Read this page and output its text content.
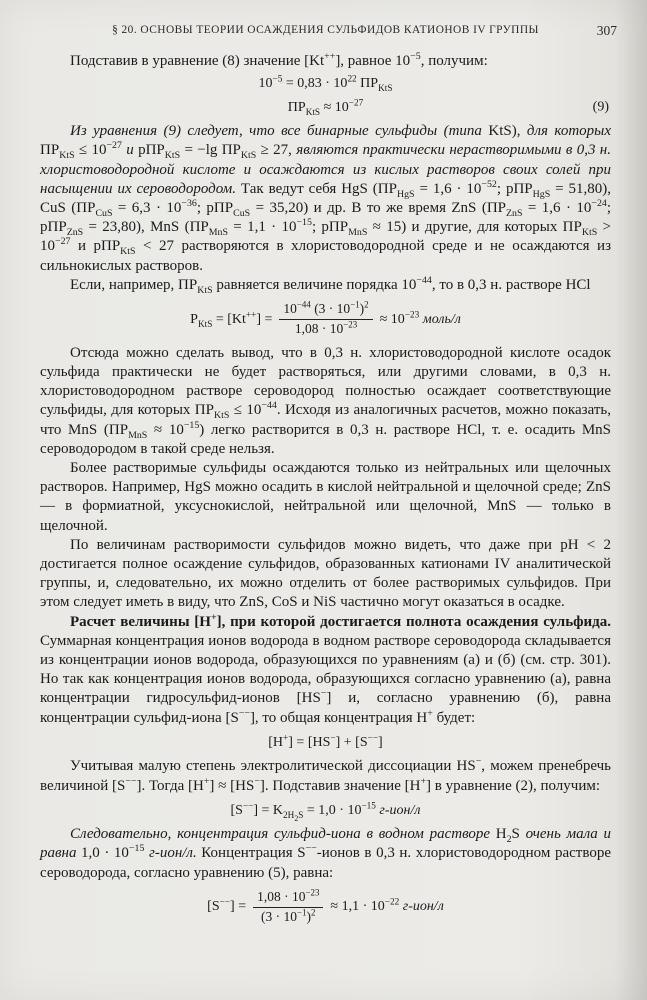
§ 20. ОСНОВЫ ТЕОРИИ ОСАЖДЕНИЯ СУЛЬФИДОВ КАТИОНОВ IV ГРУППЫ	307

Подставив в уравнение (8) значение [Kt++], равное $10^{-5}$, получим:

$10^{-5} = 0,83 \cdot 10^{22}$ $ПР_{KtS}$
$ПР_{KtS} \approx 10^{-27}$	(9)

Из уравнения (9) следует, что все бинарные сульфиды (типа KtS), для которых $ПР_{KtS} \le 10^{-27}$ и рПР$_{KtS}$ = −lg $ПР_{KtS} \ge 27$, являются практически нерастворимыми в 0,3 н. хлористоводородной кислоте и осаждаются из кислых растворов своих солей при насыщении их сероводородом. Так ведут себя HgS ($ПР_{HgS} = 1,6 \cdot 10^{-52}$; рПР$_{HgS}$ = 51,80), CuS ($ПР_{CuS} = 6,3 \cdot 10^{-36}$; рПР$_{CuS}$ = 35,20) и др. В то же время ZnS ($ПР_{ZnS} = 1,6 \cdot 10^{-24}$; рПР$_{ZnS}$ = 23,80), MnS ($ПР_{MnS} = 1,1 \cdot 10^{-15}$; рПР$_{MnS}$ ≈ 15) и другие, для которых $ПР_{KtS} > 10^{-27}$ и рПР$_{KtS}$ < 27 растворяются в хлористоводородной среде и не осаждаются из сильнокислых растворов.

Если, например, $ПР_{KtS}$ равняется величине порядка $10^{-44}$, то в 0,3 н. растворе HCl

$P_{KtS} = [Kt^{++}] = \frac{10^{-44} (3 \cdot 10^{-1})^2}{1,08 \cdot 10^{-23}} \approx 10^{-23}$ моль/л

Отсюда можно сделать вывод, что в 0,3 н. хлористоводородной кислоте осадок сульфида практически не будет растворяться, или другими словами, в 0,3 н. хлористоводородном растворе сероводород полностью осаждает соответствующие сульфиды, для которых $ПР_{KtS} \le 10^{-44}$. Исходя из аналогичных расчетов, можно показать, что MnS $(ПР_{MnS} \approx 10^{-15})$ легко растворится в 0,3 н. растворе HCl, т. е. осадить MnS сероводородом в такой среде нельзя.

Более растворимые сульфиды осаждаются только из нейтральных или щелочных растворов. Например, HgS можно осадить в кислой нейтральной и щелочной среде; ZnS — в формиатной, уксуснокислой, нейтральной или щелочной, MnS — только в щелочной.

По величинам растворимости сульфидов можно видеть, что даже при pH < 2 достигается полное осаждение сульфидов, образованных катионами IV аналитической группы, и, следовательно, их можно отделить от более растворимых сульфидов. При этом следует иметь в виду, что ZnS, CoS и NiS частично могут оказаться в осадке.

Расчет величины [H+], при которой достигается полнота осаждения сульфида. Суммарная концентрация ионов водорода в водном растворе сероводорода складывается из концентрации ионов водорода, образующихся по уравнениям (а) и (б) (см. стр. 301). Но так как концентрация ионов водорода, образующихся согласно уравнению (а), равна концентрации гидросульфид-ионов [HS−] и, согласно уравнению (б), равна концентрации сульфид-иона [S−−], то общая концентрация H+ будет:

[H+] = [HS−] + [S−−]

Учитывая малую степень электролитической диссоциации HS−, можем пренебречь величиной [S−−]. Тогда [H+] ≈ [HS−]. Подставив значение [H+] в уравнение (2), получим:

$[S^{--}] = K_{2H_2S} = 1,0 \cdot 10^{-15}$ г-ион/л

Следовательно, концентрация сульфид-иона в водном растворе $H_2S$ очень мала и равна $1,0 \cdot 10^{-15}$ г-ион/л. Концентрация S−−-ионов в 0,3 н. хлористоводородном растворе сероводорода, согласно уравнению (5), равна:

$[S^{--}] = \frac{1,08 \cdot 10^{-23}}{(3 \cdot 10^{-1})^2} \approx 1,1 \cdot 10^{-22}$ г-ион/л
